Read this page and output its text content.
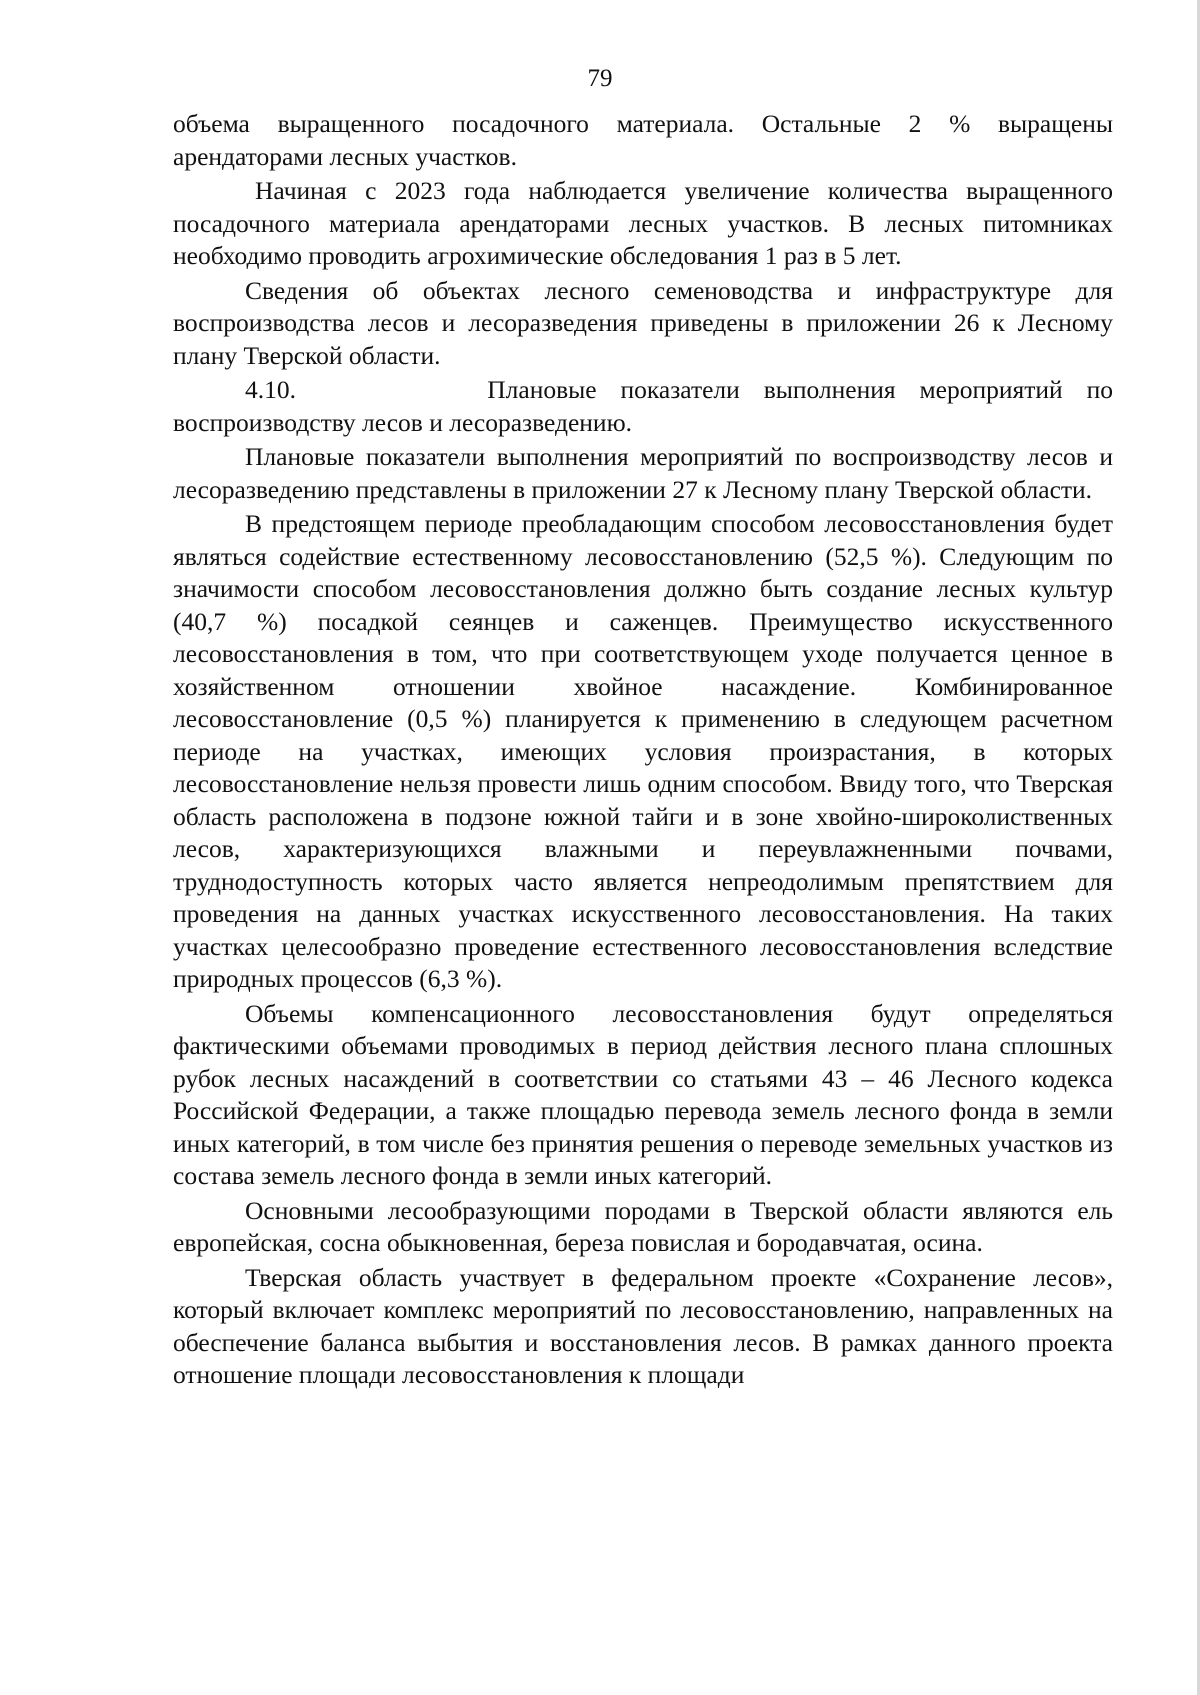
79

объема выращенного посадочного материала. Остальные 2 % выращены арендаторами лесных участков.

Начиная с 2023 года наблюдается увеличение количества выращенного посадочного материала арендаторами лесных участков. В лесных питомниках необходимо проводить агрохимические обследования 1 раз в 5 лет.

Сведения об объектах лесного семеноводства и инфраструктуре для воспроизводства лесов и лесоразведения приведены в приложении 26 к Лесному плану Тверской области.

4.10.	Плановые показатели выполнения мероприятий по
воспроизводству лесов и лесоразведению.

Плановые показатели выполнения мероприятий по воспроизводству лесов и лесоразведению представлены в приложении 27 к Лесному плану Тверской области.

В предстоящем периоде преобладающим способом лесовосстановления будет являться содействие естественному лесовосстановлению (52,5 %). Следующим по значимости способом лесовосстановления должно быть создание лесных культур (40,7 %) посадкой сеянцев и саженцев. Преимущество искусственного лесовосстановления в том, что при соответствующем уходе получается ценное в хозяйственном отношении хвойное насаждение. Комбинированное лесовосстановление (0,5 %) планируется к применению в следующем расчетном периоде на участках, имеющих условия произрастания, в которых лесовосстановление нельзя провести лишь одним способом. Ввиду того, что Тверская область расположена в подзоне южной тайги и в зоне хвойно-широколиственных лесов, характеризующихся влажными и переувлажненными почвами, труднодоступность которых часто является непреодолимым препятствием для проведения на данных участках искусственного лесовосстановления. На таких участках целесообразно проведение естественного лесовосстановления вследствие природных процессов (6,3 %).

Объемы компенсационного лесовосстановления будут определяться фактическими объемами проводимых в период действия лесного плана сплошных рубок лесных насаждений в соответствии со статьями 43 – 46 Лесного кодекса Российской Федерации, а также площадью перевода земель лесного фонда в земли иных категорий, в том числе без принятия решения о переводе земельных участков из состава земель лесного фонда в земли иных категорий.

Основными лесообразующими породами в Тверской области являются ель европейская, сосна обыкновенная, береза повислая и бородавчатая, осина.

Тверская область участвует в федеральном проекте «Сохранение лесов», который включает комплекс мероприятий по лесовосстановлению, направленных на обеспечение баланса выбытия и восстановления лесов. В рамках данного проекта отношение площади лесовосстановления к площади
